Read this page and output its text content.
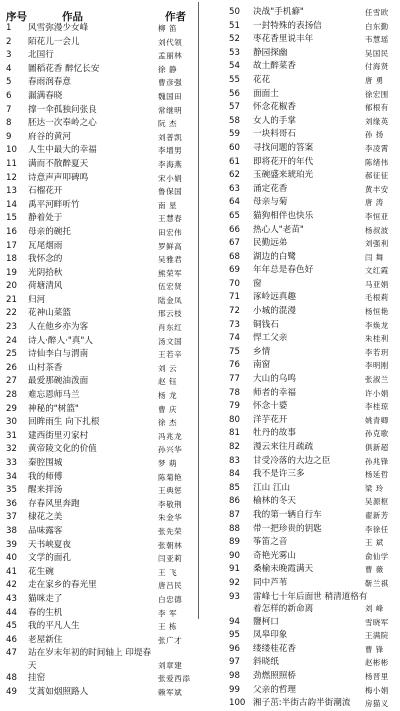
序号	作品	作者
1	风雪弥漫少女峰	柳 笛
2	陌花儿一会儿	刘代领
3	北国行	孟丽林
4	圖稻花香 醉忆长安	徐 静
5	春雨润春意	曹彦强
6	漏满春晓	魏国田
7	撑一伞孤独问张良	常继明
8	胚达一次奉岭之心	阮 杰
9	府谷的黄河	刘普凯
10	人生中最大的幸福	李增男
11	满而不散醉夏天	李海燕
12	诗意声声叩碑鸣	宋小娟
13	石榴花开	鲁保国
14	禹平河畔听竹	南 星
15	静着处于	王慧春
16	母亲的碗托	田宏伟
17	瓦尾烟雨	罗鲜高
18	我怀念的	吴雅君
19	光阴拾秋	熊荣军
20	荷塘清风	伍宏贤
21	归河	陆金凤
22	花神山菜篮	邢云枝
23	人在他乡亦为客	肖东红
24	诗人·醉人·"真"人	汤文国
25	诗仙李白与渭南	王若辛
26	山村茶香	刘 云
27	最爱那碗油泼面	赵 钰
28	难忘恩师马兰	杨 龙
29	神秘的"树篮"	曹 庆
30	回眸雨生 向下扎根	徐 杰
31	建西街里刃家村	冯兆龙
32	黄帝陵文化的价值	孙兴华
33	秦腔围城	梦 萌
34	我的师傅	陈菊艳
35	醒来拌汤	王典惩
36	存春风里奔跑	李敬荆
37	棣花之美	朱金华
38	品味露客	张先荣
39	天书峡夏夜	张朝林
40	文学的面孔	闫亚莉
41	花生碗	王 飞
42	走在家乡的春光里	唐吕民
43	猫咪走了	白忠德
44	春的生机	李 军
45	我的平凡人生	王 栋
46	老屋新住	张广才
47	站在岁末年初的时间轴上 印堤春天	刘章建
48	挂窑	张爱西添
49	艾蒿如烟照路人	赖军斌
50	决战"手机癖"	任雪欧
51	一封特殊的表扬信	白东勤
52	枣花香里说丰年	韦慧瑶
53	静园探幽	吴国民
54	故土醉菜香	付海贤
55	花花	唐 勇
56	面面土	徐宏围
57	怀念花椒香	郁根有
58	女人的手掌	刘缘英
59	一块料哥石	孙 扬
60	寻找问题的答案	李凌霄
61	即将花开的年代	陈绪伟
62	玉碗盛来琥珀光	郝征征
63	涌定花香	黄丰安
64	母亲与菊	唐 涛
65	猫狗相伴也快乐	李恒亚
66	热心人"老苗"	杨叔波
67	民勤远弟	刘强利
68	湖边的白鹭	闫 舞
69	年年总是春色好	文红霞
70	窗	马亚娟
71	涿岭远真趣	毛根莉
72	小城的混漫	杨恒艳
73	铜钱石	李焕龙
74	悍工父亲	朱桂利
75	乡情	李若玥
76	南窗	李明刚
77	大山的乌鸣	张淑兰
78	师者的幸福	许小娟
79	怀念十婆	李桂琼
80	洋芋花开	姚青卿
81	牡丹的故事	孙克歌
82	漫云来往月疏疏	俱新超
83	甘受冷落的大边之臣	孙兆锋
84	我不是许三多	杨延哲
85	江山 江山	梁 玲
86	榆林的冬天	吴源枢
87	我的第一辆自行车	翟新芳
88	带一把珍贵的钥匙	李徐任
89	筝笛之音	王 斌
90	奇艳光雾山	俞仙学
91	桑榆未晚霞满天	曹 薇
92	同中芦苇	靳兰祺
93	雷峰七十年后面世 稍清道格有着怎样的新命离	刘 峰
94	鹽柯口	雪晓军
95	凤皋印象	王满院
96	缕缕桂花香	曹 锋
97	斜晓纸	赵彬彬
98	劲燃照照桥	杨晋里
99	父亲的哲理	梅小娟
100 湘子茁:半街古韵半街潮流	房猫义
